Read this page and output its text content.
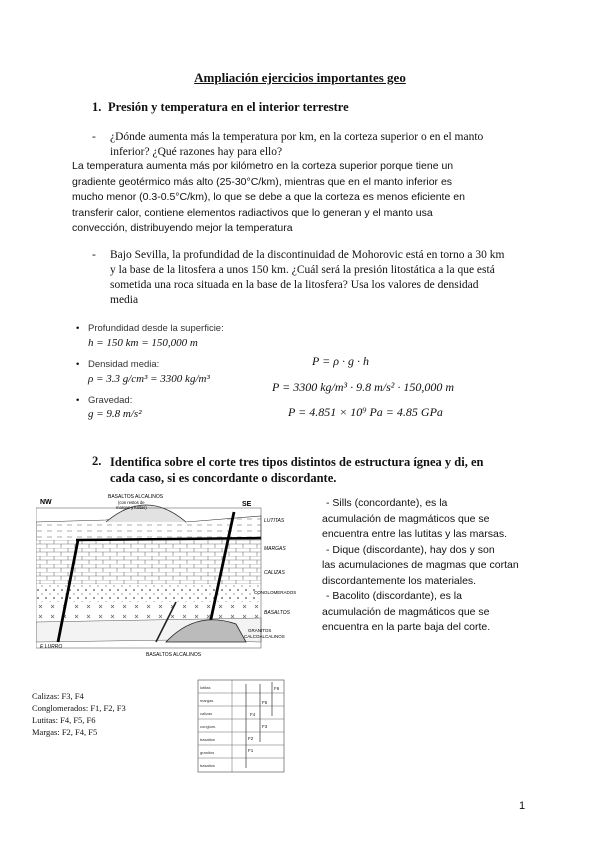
Ampliación ejercicios importantes geo
1. Presión y temperatura en el interior terrestre
- ¿Dónde aumenta más la temperatura por km, en la corteza superior o en el manto
inferior? ¿Qué razones hay para ello?
La temperatura aumenta más por kilómetro en la corteza superior porque tiene un
gradiente geotérmico más alto (25-30°C/km), mientras que en el manto inferior es
mucho menor (0.3-0.5°C/km), lo que se debe a que la corteza es menos eficiente en
transferir calor, contiene elementos radiactivos que lo generan y el manto usa
convección, distribuyendo mejor la temperatura
- Bajo Sevilla, la profundidad de la discontinuidad de Mohorovic está en torno a 30 km
y la base de la litosfera a unos 150 km. ¿Cuál será la presión litostática a la que está
sometida una roca situada en la base de la litosfera? Usa los valores de densidad
media
• Profundidad desde la superficie:
h = 150 km = 150,000 m
• Densidad media:
ρ = 3.3 g/cm³ = 3300 kg/m³
• Gravedad:
g = 9.8 m/s²
P = ρ · g · h
P = 3300 kg/m³ · 9.8 m/s² · 150,000 m
P = 4.851 × 10⁹ Pa = 4.85 GPa
2. Identifica sobre el corte tres tipos distintos de estructura ígnea y di, en
cada caso, si es concordante o discordante.
NW	SE
BASALTOS ALCALINOS
(con restos de
margas y lutitas)
LUTITAS
MARGAS
CALIZAS
CONGLOMERADOS
BASALTOS
GRANITOS
CALCOALCALINOS
BASALTOS ALCALINOS
E LURRO
- Sills (concordante), es la
acumulación de magmáticos que se
encuentra entre las lutitas y las marsas.
- Dique (discordante), hay dos y son
las acumulaciones de magmas que cortan
discordantemente los materiales.
- Bacolito (discordante), es la
acumulación de magmáticos que se
encuentra en la parte baja del corte.
Calizas: F3, F4
Conglomerados: F1, F2, F3
Lutitas: F4, F5, F6
Margas: F2, F4, F5
lutitas
margas
calizas
conglom.
basaltos
granitos
basaltos
F6
F5
F4
F3
F2
F1
1
